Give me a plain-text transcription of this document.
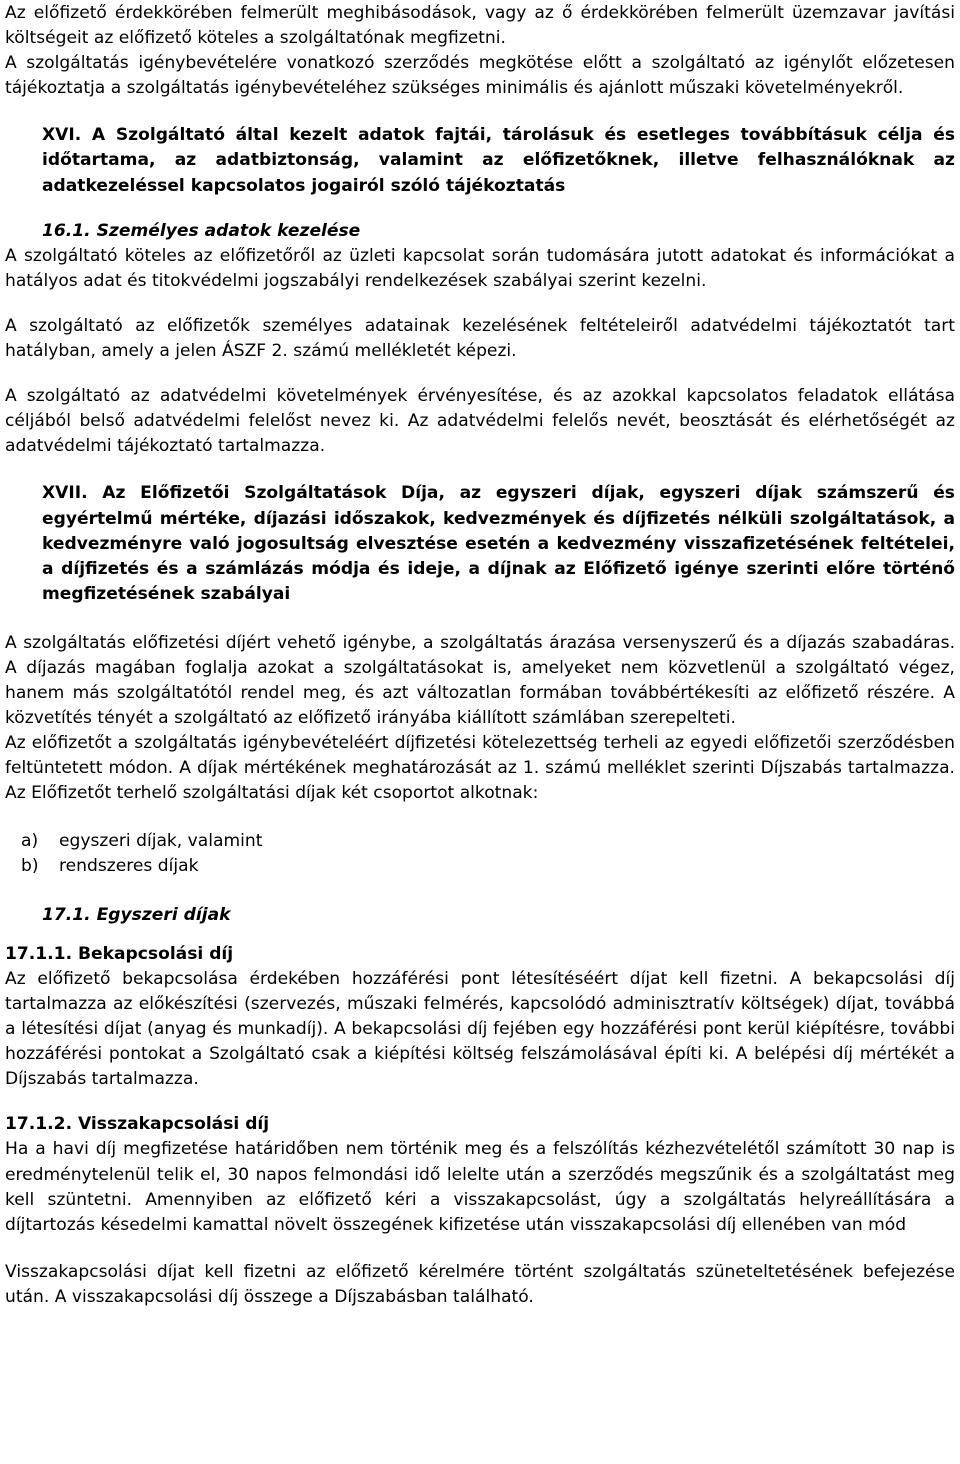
Az előfizető érdekkörében felmerült meghibásodások, vagy az ő érdekkörében felmerült üzemzavar javítási költségeit az előfizető köteles a szolgáltatónak megfizetni.

A szolgáltatás igénybevételére vonatkozó szerződés megkötése előtt a szolgáltató az igénylőt előzetesen tájékoztatja a szolgáltatás igénybevételéhez szükséges minimális és ajánlott műszaki követelményekről.

XVI. A Szolgáltató által kezelt adatok fajtái, tárolásuk és esetleges továbbításuk célja és időtartama, az adatbiztonság, valamint az előfizetőknek, illetve felhasználóknak az adatkezeléssel kapcsolatos jogairól szóló tájékoztatás
16.1. Személyes adatok kezelése

A szolgáltató köteles az előfizetőről az üzleti kapcsolat során tudomására jutott adatokat és információkat a hatályos adat és titokvédelmi jogszabályi rendelkezések szabályai szerint kezelni.

A szolgáltató az előfizetők személyes adatainak kezelésének feltételeiről adatvédelmi tájékoztatót tart hatályban, amely a jelen ÁSZF 2. számú mellékletét képezi.

A szolgáltató az adatvédelmi követelmények érvényesítése, és az azokkal kapcsolatos feladatok ellátása céljából belső adatvédelmi felelőst nevez ki. Az adatvédelmi felelős nevét, beosztását és elérhetőségét az adatvédelmi tájékoztató tartalmazza.

XVII. Az Előfizetői Szolgáltatások Díja, az egyszeri díjak, egyszeri díjak számszerű és egyértelmű mértéke, díjazási időszakok, kedvezmények és díjfizetés nélküli szolgáltatások, a kedvezményre való jogosultság elvesztése esetén a kedvezmény visszafizetésének feltételei, a díjfizetés és a számlázás módja és ideje, a díjnak az Előfizető igénye szerinti előre történő megfizetésének szabályai

A szolgáltatás előfizetési díjért vehető igénybe, a szolgáltatás árazása versenyszerű és a díjazás szabadáras. A díjazás magában foglalja azokat a szolgáltatásokat is, amelyeket nem közvetlenül a szolgáltató végez, hanem más szolgáltatótól rendel meg, és azt változatlan formában továbbértékesíti az előfizető részére. A közvetítés tényét a szolgáltató az előfizető irányába kiállított számlában szerepelteti.

Az előfizetőt a szolgáltatás igénybevételéért díjfizetési kötelezettség terheli az egyedi előfizetői szerződésben feltüntetett módon. A díjak mértékének meghatározását az 1. számú melléklet szerinti Díjszabás tartalmazza. Az Előfizetőt terhelő szolgáltatási díjak két csoportot alkotnak:

a) egyszeri díjak, valamint
b) rendszeres díjak
17.1. Egyszeri díjak
17.1.1. Bekapcsolási díj

Az előfizető bekapcsolása érdekében hozzáférési pont létesítéséért díjat kell fizetni. A bekapcsolási díj tartalmazza az előkészítési (szervezés, műszaki felmérés, kapcsolódó adminisztratív költségek) díjat, továbbá a létesítési díjat (anyag és munkadíj). A bekapcsolási díj fejében egy hozzáférési pont kerül kiépítésre, további hozzáférési pontokat a Szolgáltató csak a kiépítési költség felszámolásával építi ki. A belépési díj mértékét a Díjszabás tartalmazza.

17.1.2. Visszakapcsolási díj

Ha a havi díj megfizetése határidőben nem történik meg és a felszólítás kézhezvételétől számított 30 nap is eredménytelenül telik el, 30 napos felmondási idő lelelte után a szerződés megszűnik és a szolgáltatást meg kell szüntetni. Amennyiben az előfizető kéri a visszakapcsolást, úgy a szolgáltatás helyreállítására a díjtartozás késedelmi kamattal növelt összegének kifizetése után visszakapcsolási díj ellenében van mód

Visszakapcsolási díjat kell fizetni az előfizető kérelmére történt szolgáltatás szüneteltetésének befejezése után. A visszakapcsolási díj összege a Díjszabásban található.
